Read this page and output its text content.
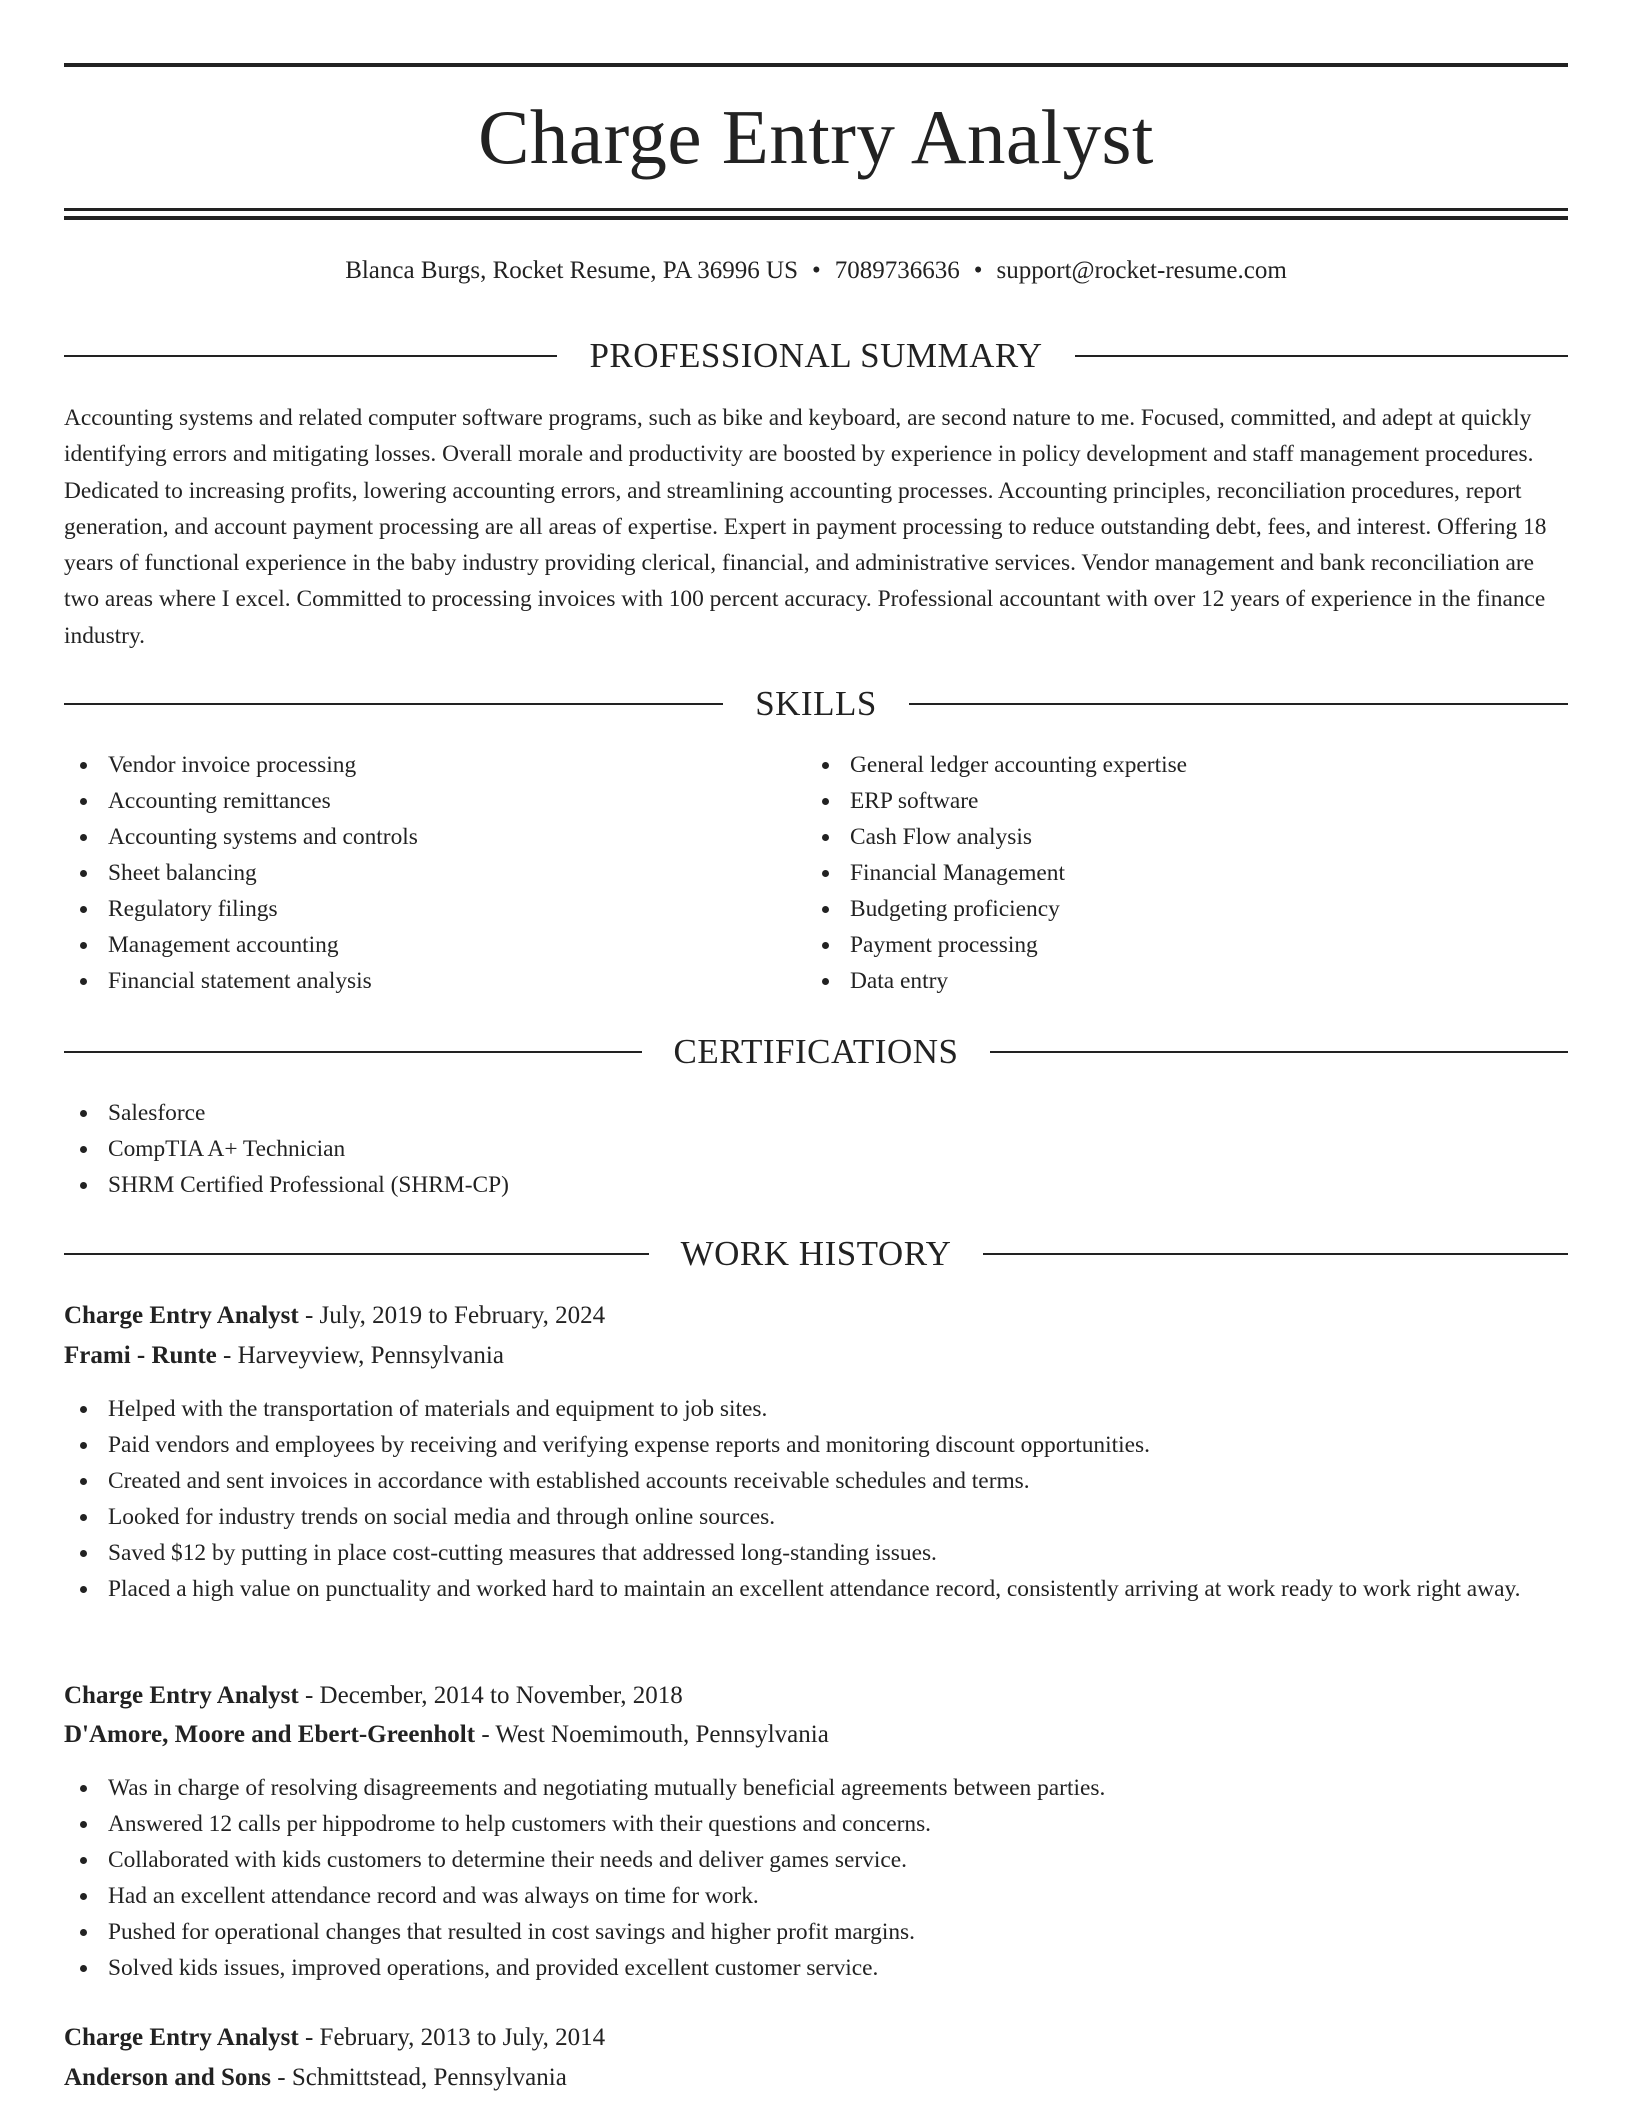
Charge Entry Analyst
Blanca Burgs, Rocket Resume, PA 36996 US • 7089736636 • support@rocket-resume.com
PROFESSIONAL SUMMARY

Accounting systems and related computer software programs, such as bike and keyboard, are second nature to me. Focused, committed, and adept at quickly identifying errors and mitigating losses. Overall morale and productivity are boosted by experience in policy development and staff management procedures. Dedicated to increasing profits, lowering accounting errors, and streamlining accounting processes. Accounting principles, reconciliation procedures, report generation, and account payment processing are all areas of expertise. Expert in payment processing to reduce outstanding debt, fees, and interest. Offering 18 years of functional experience in the baby industry providing clerical, financial, and administrative services. Vendor management and bank reconciliation are two areas where I excel. Committed to processing invoices with 100 percent accuracy. Professional accountant with over 12 years of experience in the finance industry.

SKILLS
Vendor invoice processing
Accounting remittances
Accounting systems and controls
Sheet balancing
Regulatory filings
Management accounting
Financial statement analysis
General ledger accounting expertise
ERP software
Cash Flow analysis
Financial Management
Budgeting proficiency
Payment processing
Data entry
CERTIFICATIONS
Salesforce
CompTIA A+ Technician
SHRM Certified Professional (SHRM-CP)
WORK HISTORY
Charge Entry Analyst - July, 2019 to February, 2024
Frami - Runte - Harveyview, Pennsylvania
Helped with the transportation of materials and equipment to job sites.
Paid vendors and employees by receiving and verifying expense reports and monitoring discount opportunities.
Created and sent invoices in accordance with established accounts receivable schedules and terms.
Looked for industry trends on social media and through online sources.
Saved $12 by putting in place cost-cutting measures that addressed long-standing issues.
Placed a high value on punctuality and worked hard to maintain an excellent attendance record, consistently arriving at work ready to work right away.
Charge Entry Analyst - December, 2014 to November, 2018
D'Amore, Moore and Ebert-Greenholt - West Noemimouth, Pennsylvania
Was in charge of resolving disagreements and negotiating mutually beneficial agreements between parties.
Answered 12 calls per hippodrome to help customers with their questions and concerns.
Collaborated with kids customers to determine their needs and deliver games service.
Had an excellent attendance record and was always on time for work.
Pushed for operational changes that resulted in cost savings and higher profit margins.
Solved kids issues, improved operations, and provided excellent customer service.
Charge Entry Analyst - February, 2013 to July, 2014
Anderson and Sons - Schmittstead, Pennsylvania
